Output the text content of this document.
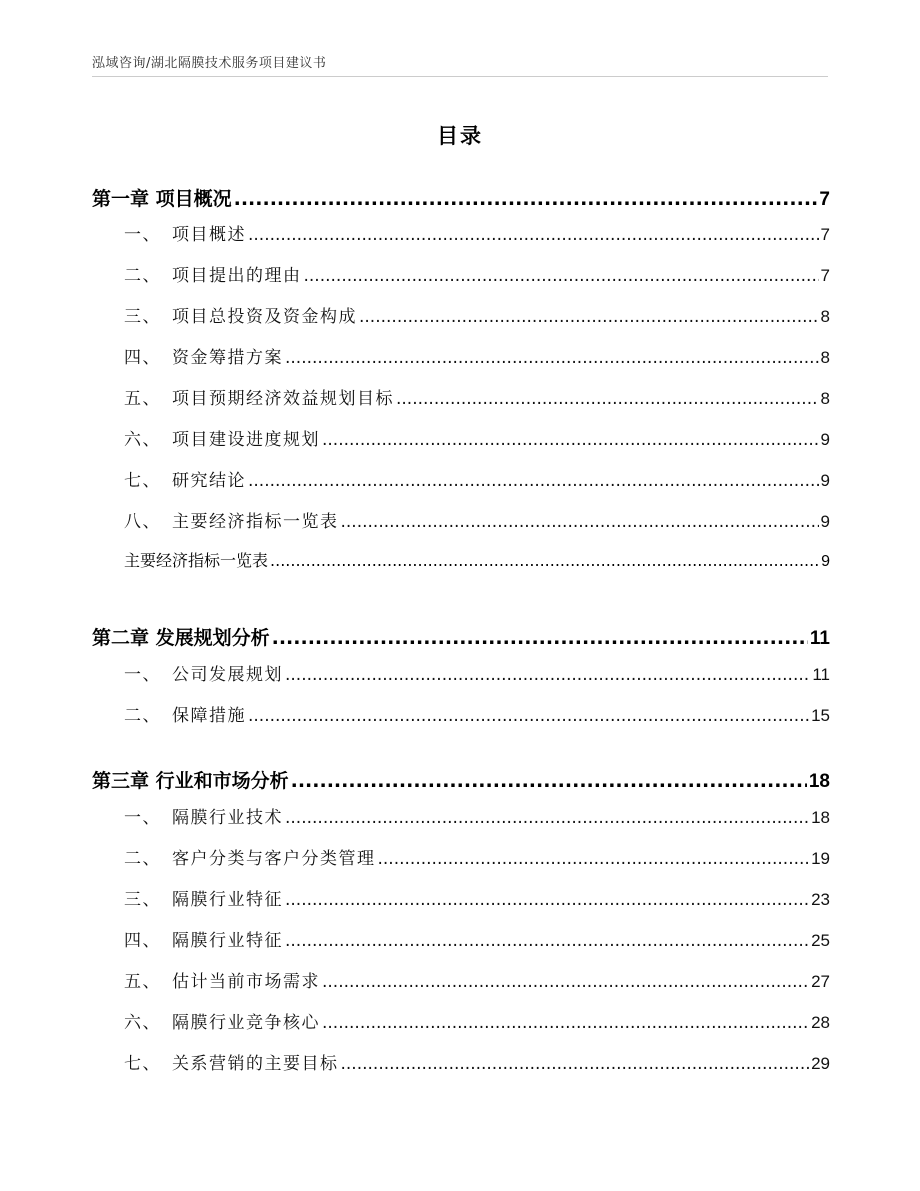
泓域咨询/湖北隔膜技术服务项目建议书
目录
第一章 项目概况 .....	7
一、 项目概述 .....	7
二、 项目提出的理由 .....	7
三、 项目总投资及资金构成 .....	8
四、 资金筹措方案 .....	8
五、 项目预期经济效益规划目标 .....	8
六、 项目建设进度规划 .....	9
七、 研究结论 .....	9
八、 主要经济指标一览表 .....	9
主要经济指标一览表 .....	9
第二章 发展规划分析 .....	11
一、 公司发展规划 .....	11
二、 保障措施 .....	15
第三章 行业和市场分析 .....	18
一、 隔膜行业技术 .....	18
二、 客户分类与客户分类管理 .....	19
三、 隔膜行业特征 .....	23
四、 隔膜行业特征 .....	25
五、 估计当前市场需求 .....	27
六、 隔膜行业竞争核心 .....	28
七、 关系营销的主要目标 .....	29
